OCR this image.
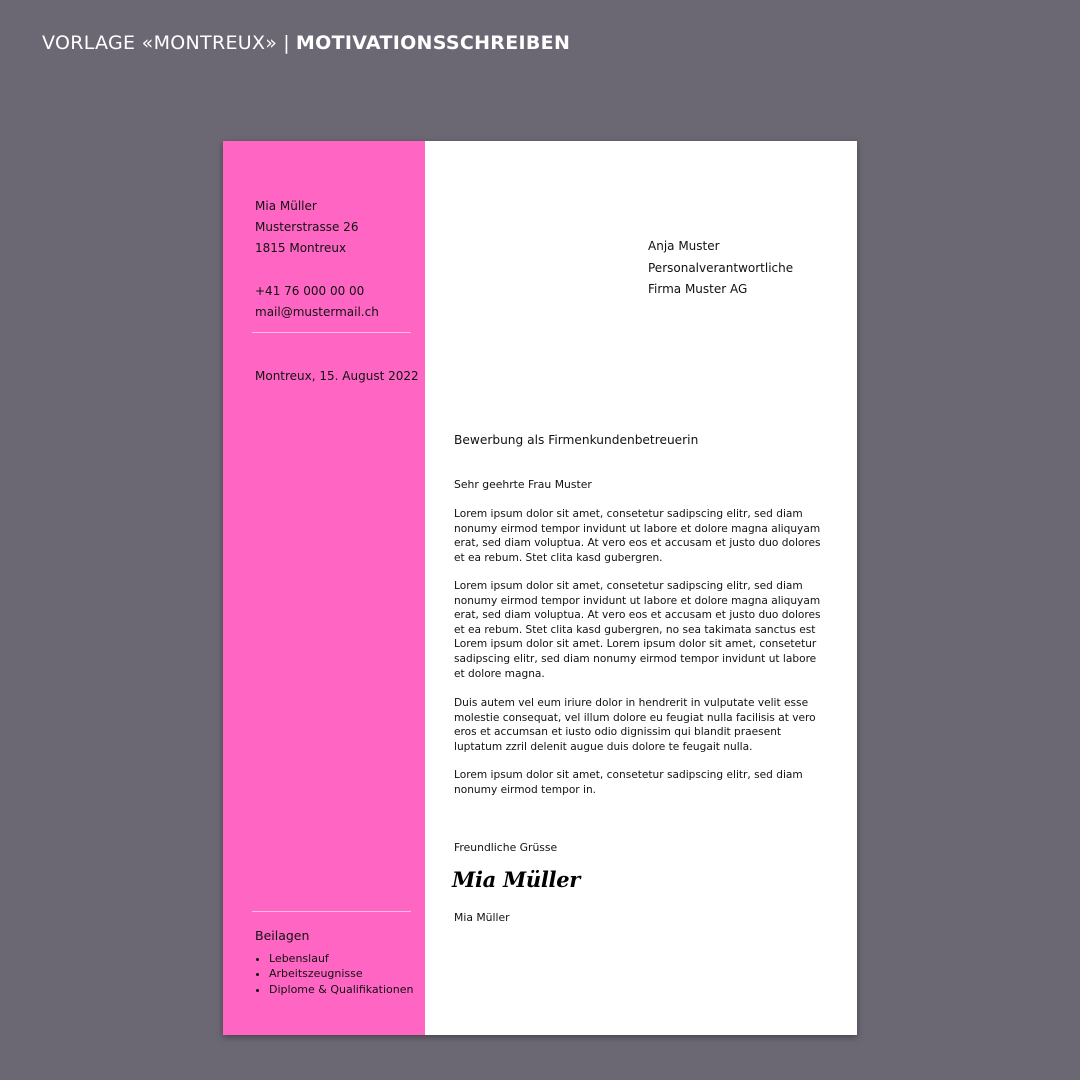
VORLAGE «MONTREUX» | MOTIVATIONSSCHREIBEN
Mia Müller
Musterstrasse 26
1815 Montreux
+41 76 000 00 00
mail@mustermail.ch
Montreux, 15. August 2022
Beilagen
• Lebenslauf
• Arbeitszeugnisse
• Diplome & Qualifikationen
Anja Muster
Personalverantwortliche
Firma Muster AG
Bewerbung als Firmenkundenbetreuerin
Sehr geehrte Frau Muster

Lorem ipsum dolor sit amet, consetetur sadipscing elitr, sed diam nonumy eirmod tempor invidunt ut labore et dolore magna aliquyam erat, sed diam voluptua. At vero eos et accusam et justo duo dolores et ea rebum. Stet clita kasd gubergren.

Lorem ipsum dolor sit amet, consetetur sadipscing elitr, sed diam nonumy eirmod tempor invidunt ut labore et dolore magna aliquyam erat, sed diam voluptua. At vero eos et accusam et justo duo dolores et ea rebum. Stet clita kasd gubergren, no sea takimata sanctus est Lorem ipsum dolor sit amet. Lorem ipsum dolor sit amet, consetetur sadipscing elitr, sed diam nonumy eirmod tempor invidunt ut labore et dolore magna.

Duis autem vel eum iriure dolor in hendrerit in vulputate velit esse molestie consequat, vel illum dolore eu feugiat nulla facilisis at vero eros et accumsan et iusto odio dignissim qui blandit praesent luptatum zzril delenit augue duis dolore te feugait nulla.

Lorem ipsum dolor sit amet, consetetur sadipscing elitr, sed diam nonumy eirmod tempor in.

Freundliche Grüsse
Mia Müller
Mia Müller
